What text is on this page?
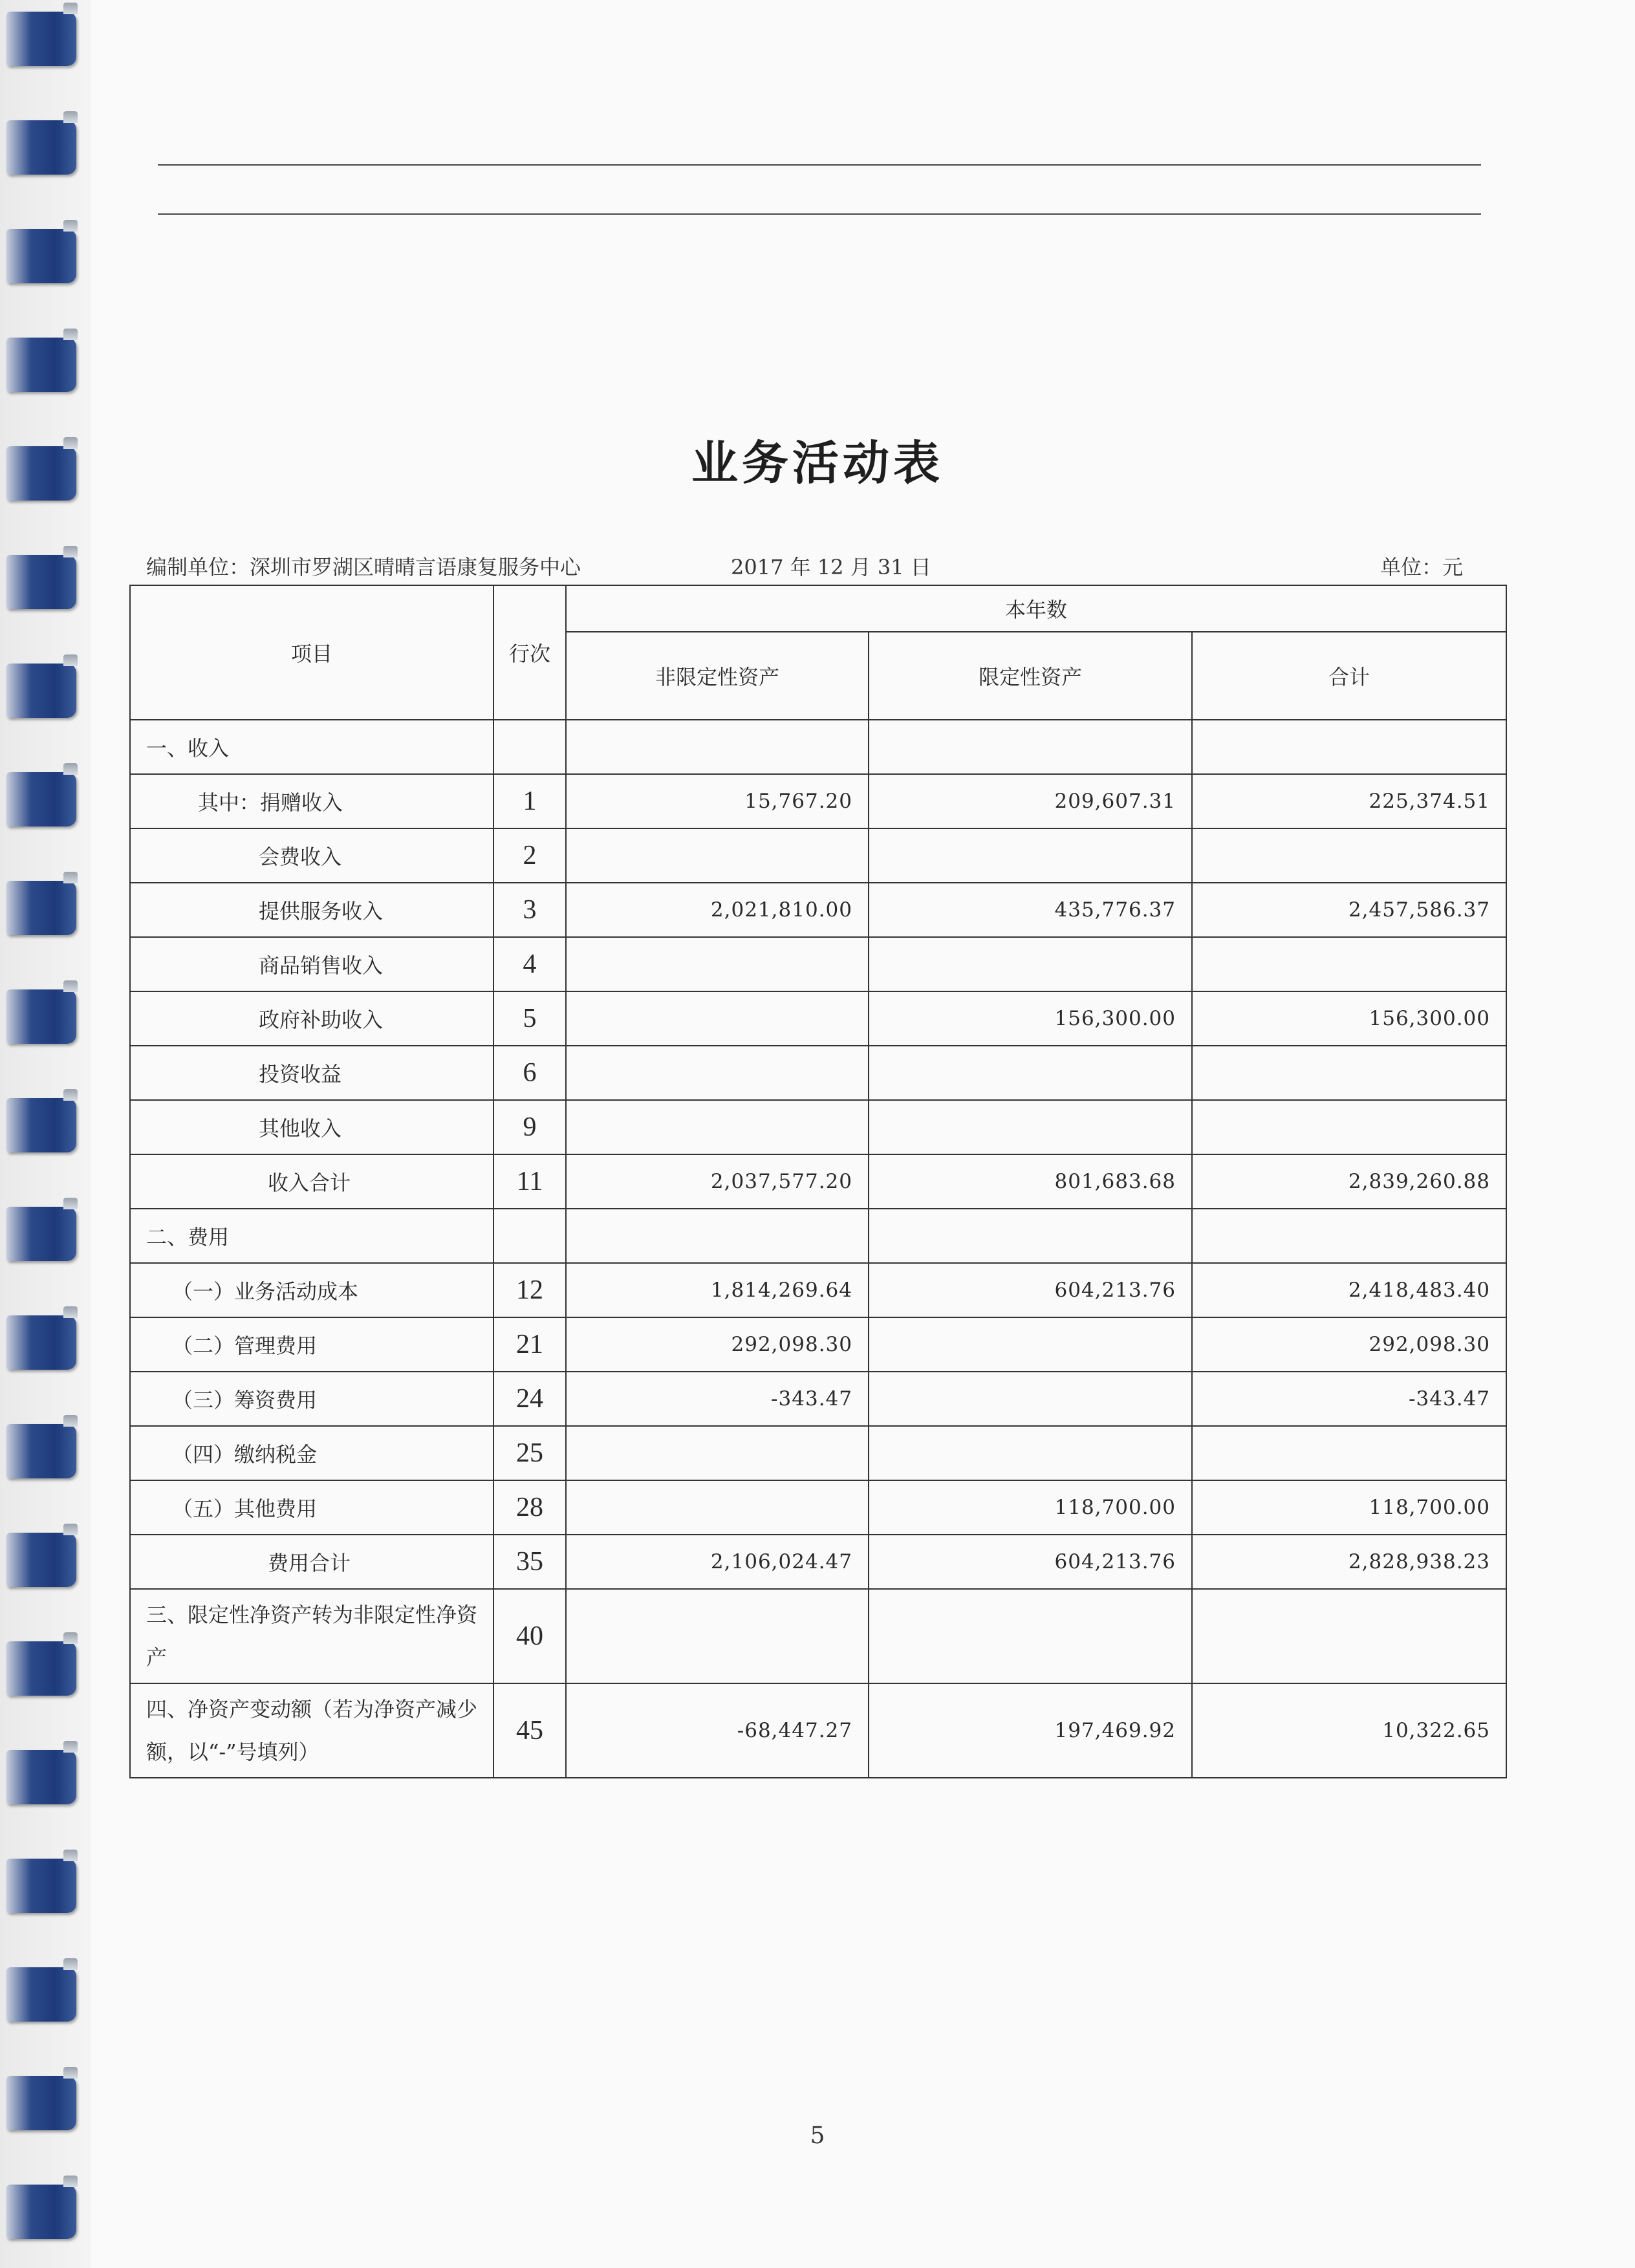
业务活动表
编制单位：深圳市罗湖区晴晴言语康复服务中心	2017 年 12 月 31 日	单位：元
项目	行次	本年数		
		非限定性资产	限定性资产	合计
一、收入				
其中：捐赠收入	1	15,767.20	209,607.31	225,374.51
会费收入	2			
提供服务收入	3	2,021,810.00	435,776.37	2,457,586.37
商品销售收入	4			
政府补助收入	5		156,300.00	156,300.00
投资收益	6			
其他收入	9			
收入合计	11	2,037,577.20	801,683.68	2,839,260.88
二、费用				
（一）业务活动成本	12	1,814,269.64	604,213.76	2,418,483.40
（二）管理费用	21	292,098.30		292,098.30
（三）筹资费用	24	-343.47		-343.47
（四）缴纳税金	25			
（五）其他费用	28		118,700.00	118,700.00
费用合计	35	2,106,024.47	604,213.76	2,828,938.23
三、限定性净资产转为非限定性净资产	40			
四、净资产变动额（若为净资产减少额，以“-”号填列）	45	-68,447.27	197,469.92	10,322.65
5
